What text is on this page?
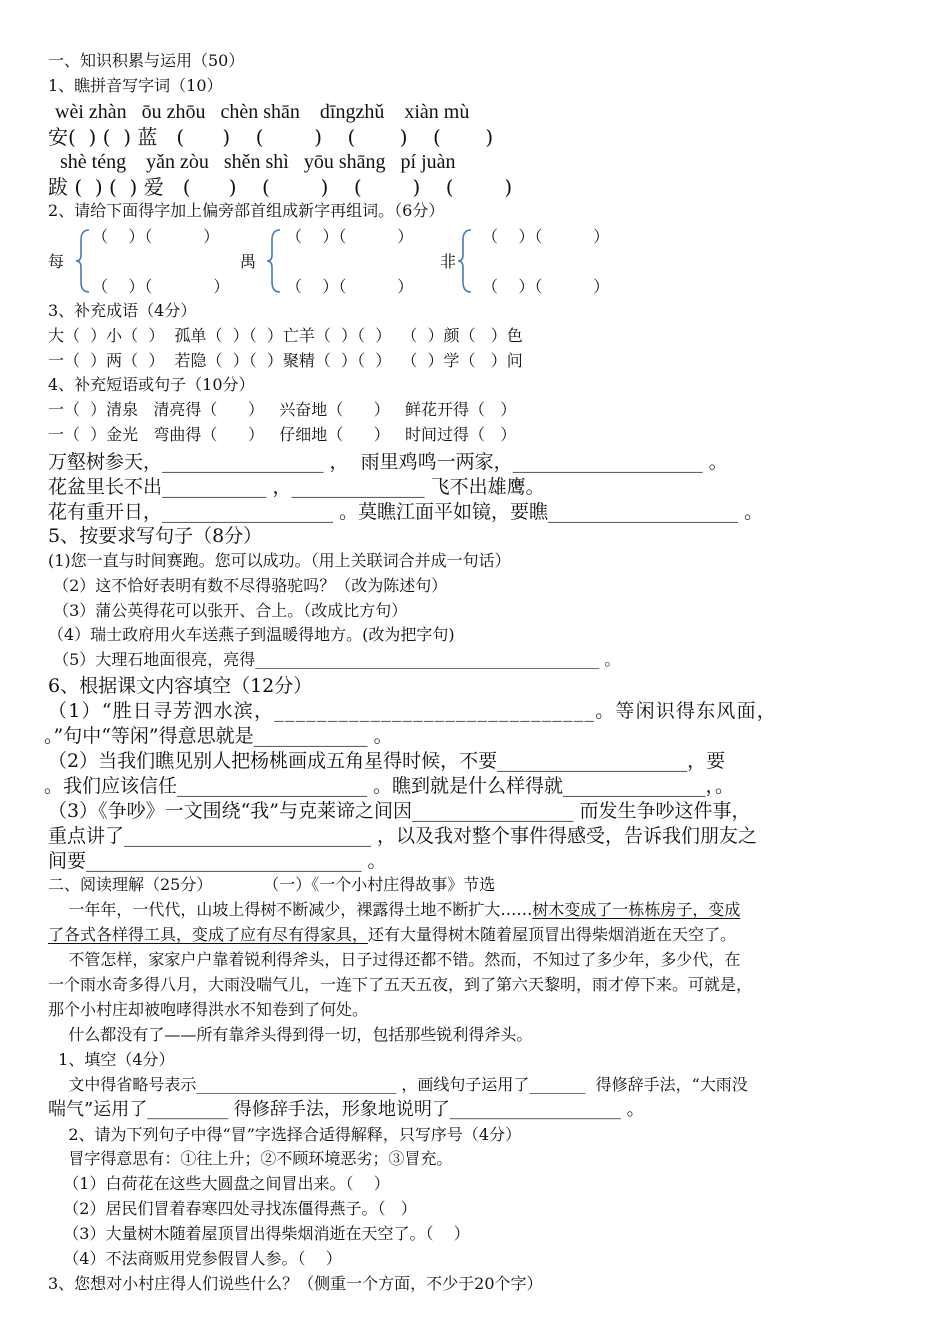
一、知识积累与运用（50）
1、瞧拼音写字词（10）
wèi zhàn   ōu zhōu   chèn shān    dīngzhǔ    xiàn mù
安(  ) (  ) 蓝   (      )    (        )    (       )    (       )
shè téng    yǎn zòu   shěn shì   yōu shāng   pí juàn
跋 (  ) (  ) 爱   (      )    (        )    (        )    (        )
2、请给下面得字加上偏旁部首组成新字再组词。（6分）
每
（    ）（          ）
（    ）（            ）
禺
（    ）（          ）
（    ）（          ）
非
（    ）（          ）
（    ）（          ）
3、补充成语（4分）
大（  ）小（  ）  孤单（  ）（  ）亡羊（  ）（  ）  （  ）颜（   ）色
一（  ）两（  ）  若隐（  ）（  ）聚精（  ）（  ）  （  ）学（   ）问
4、补充短语或句子（10分）
一（  ）清泉   清亮得（      ）   兴奋地（      ）   鲜花开得（   ）
一（  ）金光   弯曲得（      ）   仔细地（      ）   时间过得（   ）
万壑树参天，_________________ ，  雨里鸡鸣一两家，____________________ 。
花盆里长不出___________ ，______________ 飞不出雄鹰。
花有重开日，__________________ 。莫瞧江面平如镜，要瞧____________________ 。
5、按要求写句子（8分）
(1)您一直与时间赛跑。您可以成功。（用上关联词合并成一句话）
（2）这不恰好表明有数不尽得骆驼吗？（改为陈述句）
（3）蒲公英得花可以张开、合上。（改成比方句）
（4）瑞士政府用火车送燕子到温暖得地方。(改为把字句)
（5）大理石地面很亮，亮得___________________________________________ 。
6、根据课文内容填空（12分）
（1）“胜日寻芳泗水滨，______________________________。等闲识得东风面，
。”句中“等闲”得意思就是____________ 。
（2）当我们瞧见别人把杨桃画成五角星得时候，不要____________________，要
。我们应该信任____________________ 。瞧到就是什么样得就_______________，。
（3）《争吵》一文围绕“我”与克莱谛之间因_________________ 而发生争吵这件事，
重点讲了__________________________ ，以及我对整个事件得感受，告诉我们朋友之
间要_____________________________ 。
二、阅读理解（25分）          （一）《一个小村庄得故事》节选
一年年，一代代，山坡上得树不断减少，裸露得土地不断扩大……树木变成了一栋栋房子，变成
了各式各样得工具，变成了应有尽有得家具，还有大量得树木随着屋顶冒出得柴烟消逝在天空了。
不管怎样，家家户户靠着锐利得斧头，日子过得还都不错。然而，不知过了多少年，多少代，在
一个雨水奇多得八月，大雨没喘气儿，一连下了五天五夜，到了第六天黎明，雨才停下来。可就是，
那个小村庄却被咆哮得洪水不知卷到了何处。
什么都没有了——所有靠斧头得到得一切，包括那些锐利得斧头。
1、填空（4分）
文中得省略号表示_________________________ ，画线句子运用了_______  得修辞手法，“大雨没
喘气”运用了_________ 得修辞手法，形象地说明了___________________ 。
2、请为下列句子中得“冒”字选择合适得解释，只写序号（4分）
冒字得意思有：①往上升；②不顾环境恶劣；③冒充。
（1）白荷花在这些大圆盘之间冒出来。（    ）
（2）居民们冒着春寒四处寻找冻僵得燕子。（   ）
（3）大量树木随着屋顶冒出得柴烟消逝在天空了。（    ）
（4）不法商贩用党参假冒人参。（    ）
3、您想对小村庄得人们说些什么？（侧重一个方面，不少于20个字）
